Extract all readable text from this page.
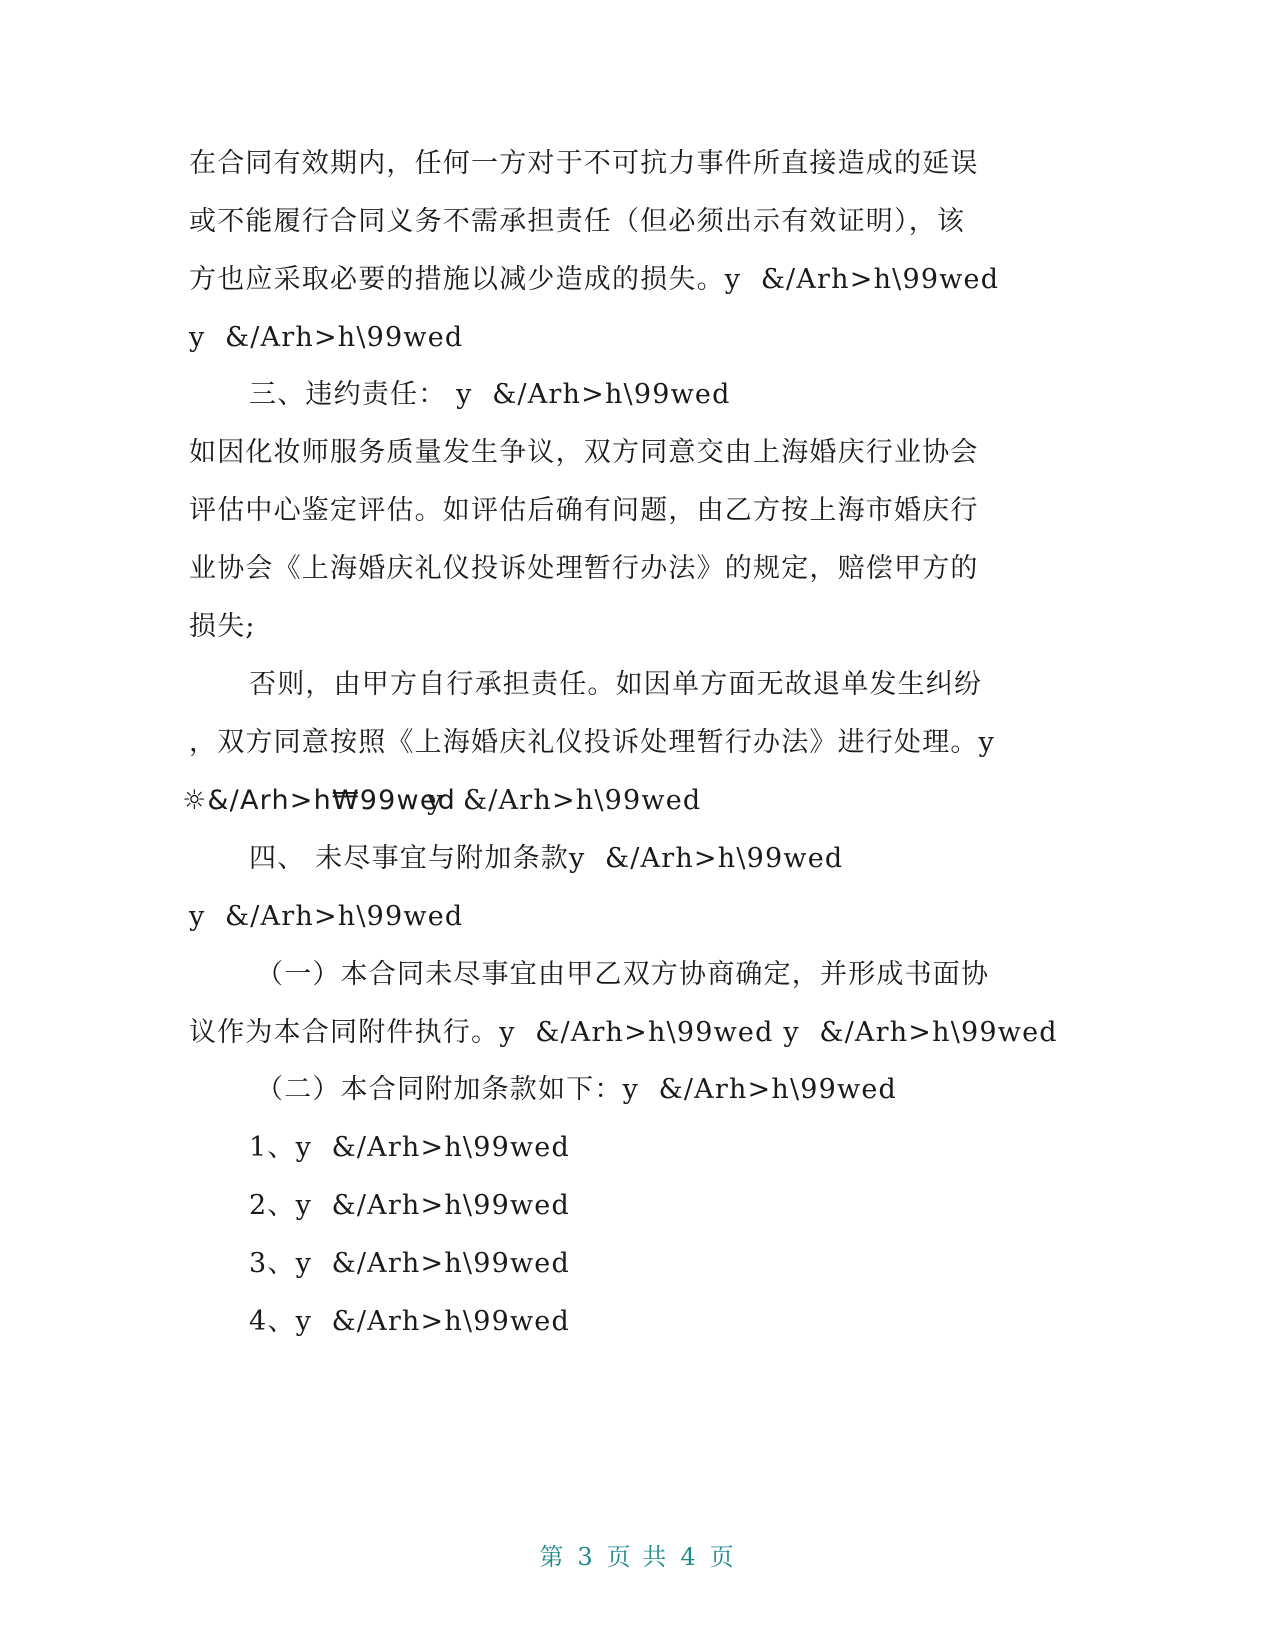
在合同有效期内，任何一方对于不可抗力事件所直接造成的延误
或不能履行合同义务不需承担责任（但必须出示有效证明），该
方也应采取必要的措施以减少造成的损失。y  &/Arh>h\99wed
y  &/Arh>h\99wed
三、违约责任： y  &/Arh>h\99wed
如因化妆师服务质量发生争议，双方同意交由上海婚庆行业协会
评估中心鉴定评估。如评估后确有问题，由乙方按上海市婚庆行
业协会《上海婚庆礼仪投诉处理暂行办法》的规定，赔偿甲方的
损失;
否则，由甲方自行承担责任。如因单方面无故退单发生纠纷
，双方同意按照《上海婚庆礼仪投诉处理暂行办法》进行处理。y
☼&/Arh>h₩99wed
y  &/Arh>h\99wed
四、 未尽事宜与附加条款y  &/Arh>h\99wed
y  &/Arh>h\99wed
（一）本合同未尽事宜由甲乙双方协商确定，并形成书面协
议作为本合同附件执行。y  &/Arh>h\99wed y  &/Arh>h\99wed
（二）本合同附加条款如下：y  &/Arh>h\99wed
1、y  &/Arh>h\99wed
2、y  &/Arh>h\99wed
3、y  &/Arh>h\99wed
4、y  &/Arh>h\99wed
第 3 页 共 4 页
